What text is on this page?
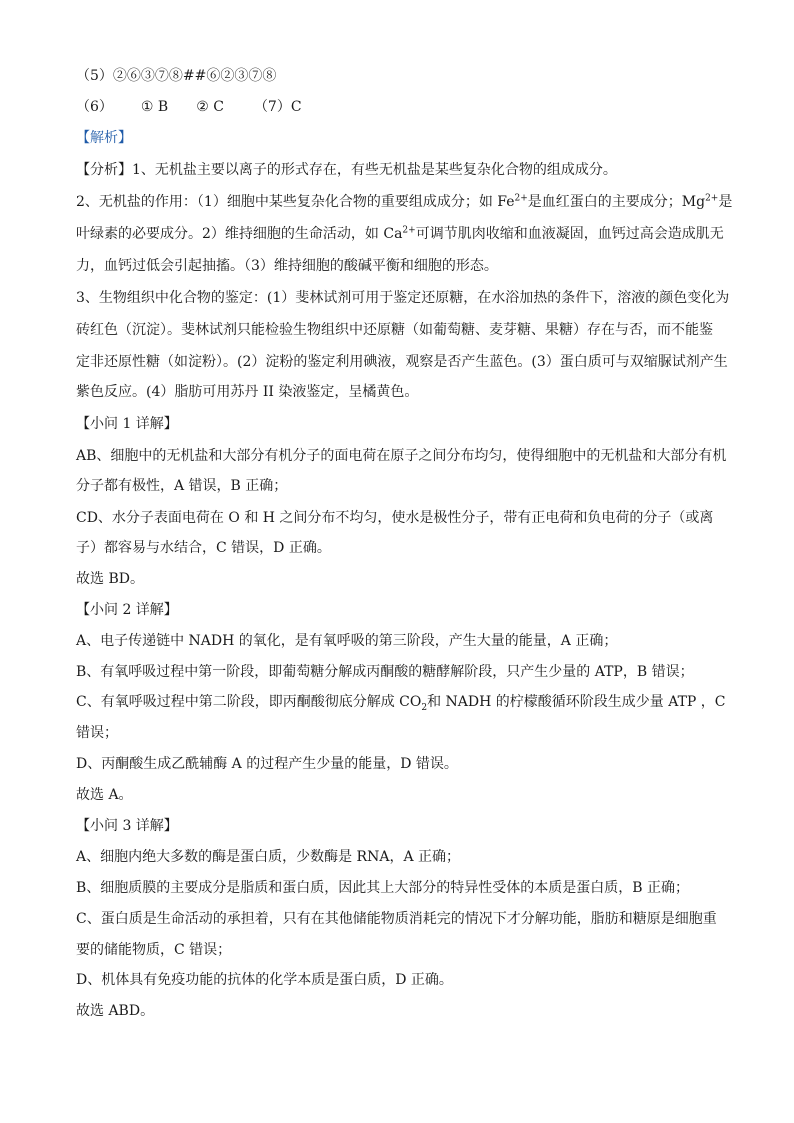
（5）②⑥③⑦⑧##⑥②③⑦⑧
（6） ① B ② C （7）C
【解析】
【分析】1、无机盐主要以离子的形式存在，有些无机盐是某些复杂化合物的组成成分。
2、无机盐的作用：（1）细胞中某些复杂化合物的重要组成成分；如 $Fe^{2+}$是血红蛋白的主要成分；$Mg^{2+}$是
叶绿素的必要成分。2）维持细胞的生命活动，如 $Ca^{2+}$可调节肌肉收缩和血液凝固，血钙过高会造成肌无
力，血钙过低会引起抽搐。（3）维持细胞的酸碱平衡和细胞的形态。
3、生物组织中化合物的鉴定：(1）斐林试剂可用于鉴定还原糖，在水浴加热的条件下，溶液的颜色变化为
砖红色（沉淀）。斐林试剂只能检验生物组织中还原糖（如葡萄糖、麦芽糖、果糖）存在与否，而不能鉴
定非还原性糖（如淀粉）。(2）淀粉的鉴定利用碘液，观察是否产生蓝色。(3）蛋白质可与双缩脲试剂产生
紫色反应。(4）脂肪可用苏丹 II 染液鉴定，呈橘黄色。
【小问 1 详解】
AB、细胞中的无机盐和大部分有机分子的面电荷在原子之间分布均匀，使得细胞中的无机盐和大部分有机
分子都有极性，A 错误，B 正确；
CD、水分子表面电荷在 O 和 H 之间分布不均匀，使水是极性分子，带有正电荷和负电荷的分子（或离
子）都容易与水结合，C 错误，D 正确。
故选 BD。
【小问 2 详解】
A、电子传递链中 NADH 的氧化，是有氧呼吸的第三阶段，产生大量的能量，A 正确；
B、有氧呼吸过程中第一阶段，即葡萄糖分解成丙酮酸的糖酵解阶段，只产生少量的 ATP，B 错误；
C、有氧呼吸过程中第二阶段，即丙酮酸彻底分解成 $CO_2$和 NADH 的柠檬酸循环阶段生成少量 ATP ，C
错误；
D、丙酮酸生成乙酰辅酶 A 的过程产生少量的能量，D 错误。
故选 A。
【小问 3 详解】
A、细胞内绝大多数的酶是蛋白质，少数酶是 RNA，A 正确；
B、细胞质膜的主要成分是脂质和蛋白质，因此其上大部分的特异性受体的本质是蛋白质，B 正确；
C、蛋白质是生命活动的承担着，只有在其他储能物质消耗完的情况下才分解功能，脂肪和糖原是细胞重
要的储能物质，C 错误；
D、机体具有免疫功能的抗体的化学本质是蛋白质，D 正确。
故选 ABD。
